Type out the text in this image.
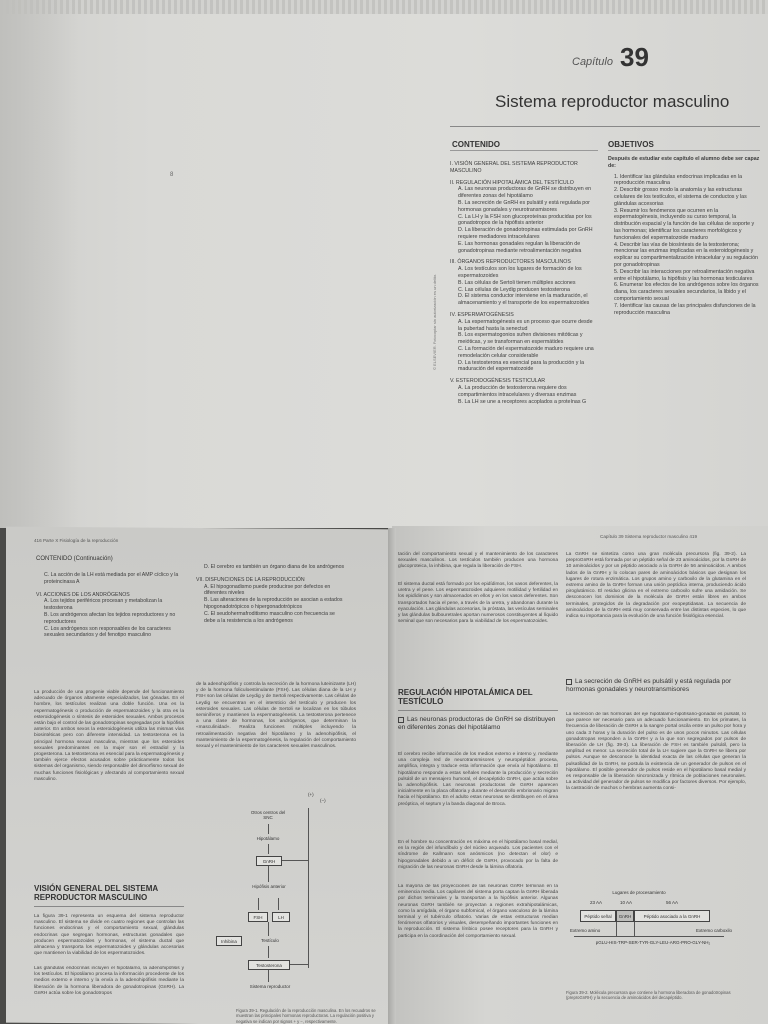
8
Capítulo 39
Sistema reproductor masculino
CONTENIDO	OBJETIVOS
I. VISIÓN GENERAL DEL SISTEMA REPRODUCTOR MASCULINO
II. REGULACIÓN HIPOTALÁMICA DEL TESTÍCULO
A. Las neuronas productoras de GnRH se distribuyen en diferentes zonas del hipotálamo
B. La secreción de GnRH es pulsátil y está regulada por hormonas gonadales y neurotransmisores
C. La LH y la FSH son glucoproteínas producidas por los gonadotropos de la hipófisis anterior
D. La liberación de gonadotropinas estimulada por GnRH requiere mediadores intracelulares
E. Las hormonas gonadales regulan la liberación de gonadotropinas mediante retroalimentación negativa
III. ÓRGANOS REPRODUCTORES MASCULINOS
A. Los testículos son los lugares de formación de los espermatozoides
B. Las células de Sertoli tienen múltiples acciones
C. Las células de Leydig producen testosterona
D. El sistema conductor interviene en la maduración, el almacenamiento y el transporte de los espermatozoides
IV. ESPERMATOGÉNESIS
A. La espermatogénesis es un proceso que ocurre desde la pubertad hasta la senectud
B. Los espermatogonios sufren divisiones mitóticas y meióticas, y se transforman en espermátides
C. La formación del espermatozoide maduro requiere una remodelación celular considerable
D. La testosterona es esencial para la producción y la maduración del espermatozoide
V. ESTEROIDOGÉNESIS TESTICULAR
A. La producción de testosterona requiere dos compartimientos intracelulares y diversas enzimas
B. La LH se une a receptores acoplados a proteínas G
Después de estudiar este capítulo el alumno debe ser capaz de:
1. Identificar las glándulas endocrinas implicadas en la reproducción masculina
2. Describir grosso modo la anatomía y las estructuras celulares de los testículos, el sistema de conductos y las glándulas accesorias
3. Resumir los fenómenos que ocurren en la espermatogénesis, incluyendo su curso temporal, la distribución espacial y la función de las células de soporte y las hormonas; identificar los caracteres morfológicos y funcionales del espermatozoide maduro
4. Describir las vías de biosíntesis de la testosterona; mencionar las enzimas implicadas en la esteroidogénesis y explicar su compartimentalización intracelular y su regulación por gonadotropinas
5. Describir las interacciones por retroalimentación negativa entre el hipotálamo, la hipófisis y las hormonas testiculares
6. Enumerar los efectos de los andrógenos sobre los órganos diana, los caracteres sexuales secundarios, la libido y el comportamiento sexual
7. Identificar las causas de las principales disfunciones de la reproducción masculina
© ELSEVIER. Fotocopiar sin autorización es un delito.
416 Parte X Fisiología de la reproducción
CONTENIDO (Continuación)
C. La acción de la LH está mediada por el AMP cíclico y la proteincinasa A
VI. ACCIONES DE LOS ANDRÓGENOS
A. Los tejidos periféricos procesan y metabolizan la testosterona
B. Los andrógenos afectan los tejidos reproductores y no reproductores
C. Los andrógenos son responsables de los caracteres sexuales secundarios y del fenotipo masculino
D. El cerebro es también un órgano diana de los andrógenos
VII. DISFUNCIONES DE LA REPRODUCCIÓN
A. El hipogonadismo puede producirse por defectos en diferentes niveles
B. Las alteraciones de la reproducción se asocian a estados hipogonadotrópicos o hipergonadotrópicos
C. El seudohermafroditismo masculino con frecuencia se debe a la resistencia a los andrógenos
La producción de una progenie viable depende del funcionamiento adecuado de órganos altamente especializados, las gónadas. En el hombre, los testículos realizan una doble función. Una es la espermatogénesis o producción de espermatozoides y la otra es la esteroidogénesis o síntesis de esteroides sexuales. Ambos procesos están bajo el control de las gonadotropinas segregadas por la hipófisis anterior. En ambos sexos la esteroidogénesis utiliza las mismas vías biosintéticas pero con diferente intensidad. La testosterona es la principal hormona sexual masculina, mientras que los esteroides sexuales predominantes en la mujer son el estradiol y la progesterona. La testosterona es esencial para la espermatogénesis y también ejerce efectos acusados sobre prácticamente todos los sistemas del organismo, siendo responsable del dimorfismo sexual de muchas funciones fisiológicas y afectando al comportamiento sexual masculino.
de la adenohipófisis y controla la secreción de la hormona luteinizante (LH) y de la hormona foliculoestimulante (FSH). Las células diana de la LH y FSH son las células de Leydig y de Sertoli respectivamente. Las células de Leydig se encuentran en el intersticio del testículo y producen los esteroides sexuales. Las células de Sertoli se localizan en los túbulos seminíferos y mantienen la espermatogénesis. La testosterona pertenece a una clase de hormonas, los andrógenos, que determinan la «masculinidad». Realiza funciones múltiples incluyendo la retroalimentación negativa del hipotálamo y la adenohipófisis, el mantenimiento de la espermatogénesis, la regulación del comportamiento sexual y el mantenimiento de los caracteres sexuales masculinos.
VISIÓN GENERAL DEL SISTEMA REPRODUCTOR MASCULINO
La figura 39-1 representa un esquema del sistema reproductor masculino. El sistema se divide en cuatro regiones que controlan las funciones endocrinas y el comportamiento sexual, glándulas endocrinas que segregan hormonas, estructuras gonadales que producen espermatozoides y hormonas, el sistema ductal que almacena y transporta los espermatozoides y glándulas accesorias que mantienen la viabilidad de los espermatozoides.
Las glándulas endocrinas incluyen el hipotálamo, la adenohipófisis y los testículos. El hipotálamo procesa la información procedente de los medios externo e interno y la envía a la adenohipófisis mediante la liberación de la hormona liberadora de gonadotropinas (GnRH). La GnRH actúa sobre los gonadotropos
Otros centros del SNC
(+)
(−)
Hipotálamo
GnRH
Hipófisis anterior
FSH	LH
Inhibina	Testículo
Testosterona
Sistema reproductor
Figura 39-1. Regulación de la reproducción masculina. En los recuadros se muestran las principales hormonas reproductoras. La regulación positiva y negativa se indican por signos + y −, respectivamente.
Capítulo 39 Sistema reproductor masculino 419
tación del comportamiento sexual y el mantenimiento de los caracteres sexuales masculinos. Los testículos también producen una hormona glucoproteica, la inhibina, que regula la liberación de FSH.
El sistema ductal está formado por los epidídimos, los vasos deferentes, la uretra y el pene. Los espermatozoides adquieren motilidad y fertilidad en los epidídimos y son almacenados en ellos y en los vasos deferentes. Son transportados hacia el pene, a través de la uretra, y abandonan durante la eyaculación. Las glándulas accesorias, la próstata, las vesículas seminales y las glándulas bulbouretrales aportan numerosos constituyentes al líquido seminal que son necesarios para la viabilidad de los espermatozoides.
REGULACIÓN HIPOTALÁMICA DEL TESTÍCULO
Las neuronas productoras de GnRH se distribuyen en diferentes zonas del hipotálamo
El cerebro recibe información de los medios externo e interno y, mediante una compleja red de neurotransmisores y neuropéptidos procesa, amplifica, integra y traduce esta información que envía al hipotálamo. El hipotálamo responde a estas señales mediante la producción y secreción pulsátil de un mensajero humoral, el decapéptido GnRH, que actúa sobre la adenohipófisis. Las neuronas productoras de GnRH aparecen inicialmente en la placa olfatoria y durante el desarrollo embrionario migran hacia el hipotálamo. En el adulto estas neuronas se distribuyen en el área preóptica, el septum y la banda diagonal de Broca.
En el hombre su concentración es máxima en el hipotálamo basal medial, en la región del infundíbulo y del núcleo arqueado. Los pacientes con el síndrome de Kallmann son anósmicos (no detectan el olor) e hipogonadales debido a un déficit de GnRH, provocado por la falta de migración de las neuronas GnRH desde la lámina olfatoria.
La mayoría de las proyecciones de las neuronas GnRH terminan en la eminencia media. Los capilares del sistema porta captan la GnRH liberada por dichos terminales y la transportan a la hipófisis anterior. Algunas neuronas GnRH también se proyectan a regiones extrahipotalámicas, como la amígdala, el órgano subfornical, el órgano vasculoso de la lámina terminal y el tubérculo olfatorio. Varias de estas estructuras median fenómenos olfatorios y visuales, desempeñando importantes funciones en la reproducción. El sistema límbico posee receptores para la GnRH y participa en la coordinación del comportamiento sexual.
La GnRH se sintetiza como una gran molécula precursora (fig. 39-2). La preproGnRH está formada por un péptido señal de 23 aminoácidos, por la GnRH de 10 aminoácidos y por un péptido asociado a la GnRH de 56 aminoácidos. A ambos lados de la GnRH y lo colocan pares de aminoácidos básicos que designan los lugares de rotura enzimática. Los grupos amino y carboxilo de la glutamina en el extremo amino de la GnRH forman una unión peptídica interna, produciendo ácido piroglutámico. El residuo glicina en el extremo carboxilo sufre una amidación. Se desconocen los dominios de la molécula de GnRH están libres en ambos terminales, protegidos de la degradación por exopeptidasas. La secuencia de aminoácidos de la GnRH está muy conservada entre las distintas especies, lo que indica su importancia para la evolución de una función fisiológica esencial.
La secreción de GnRH es pulsátil y está regulada por hormonas gonadales y neurotransmisores
La secreción de las hormonas del eje hipotálamo-hipofisario-gonadal es pulsátil, lo que parece ser necesario para un adecuado funcionamiento. En los primates, la frecuencia de liberación de GnRH a la sangre portal oscila entre un pulso por hora y uno cada 3 horas y la duración del pulso es de unos pocos minutos. Las células gonadotropas responden a la GnRH y a la que son segregados por pulsos de liberación de LH (fig. 39-3). La liberación de FSH es también pulsátil, pero la amplitud es menor. La secreción total de la LH sugiere que la GnRH se libera por pulsos. Aunque se desconoce la identidad exacta de las células que generan la pulsatilidad de la GnRH, se postula la existencia de un generador de pulsos en el hipotálamo. El posible generador de pulsos reside en el hipotálamo basal medial y es responsable de la liberación sincronizada y rítmica de poblaciones neuronales. La actividad del generador de pulsos se modifica por factores diversos. Por ejemplo, la castración de machos o hembras aumenta consi-
Lugares de procesamiento
23 AA	10 AA	56 AA
Péptido señal	GnRH	Péptido asociado a la GnRH
Extremo amino	Extremo carboxilo
pGLU-HIS-TRP-SER-TYR-GLY-LEU-ARG-PRO-GLY-NH₂
Figura 39-2. Molécula precursora que contiene la hormona liberadora de gonadotropinas (preproGnRH) y la secuencia de aminoácidos del decapéptido.
